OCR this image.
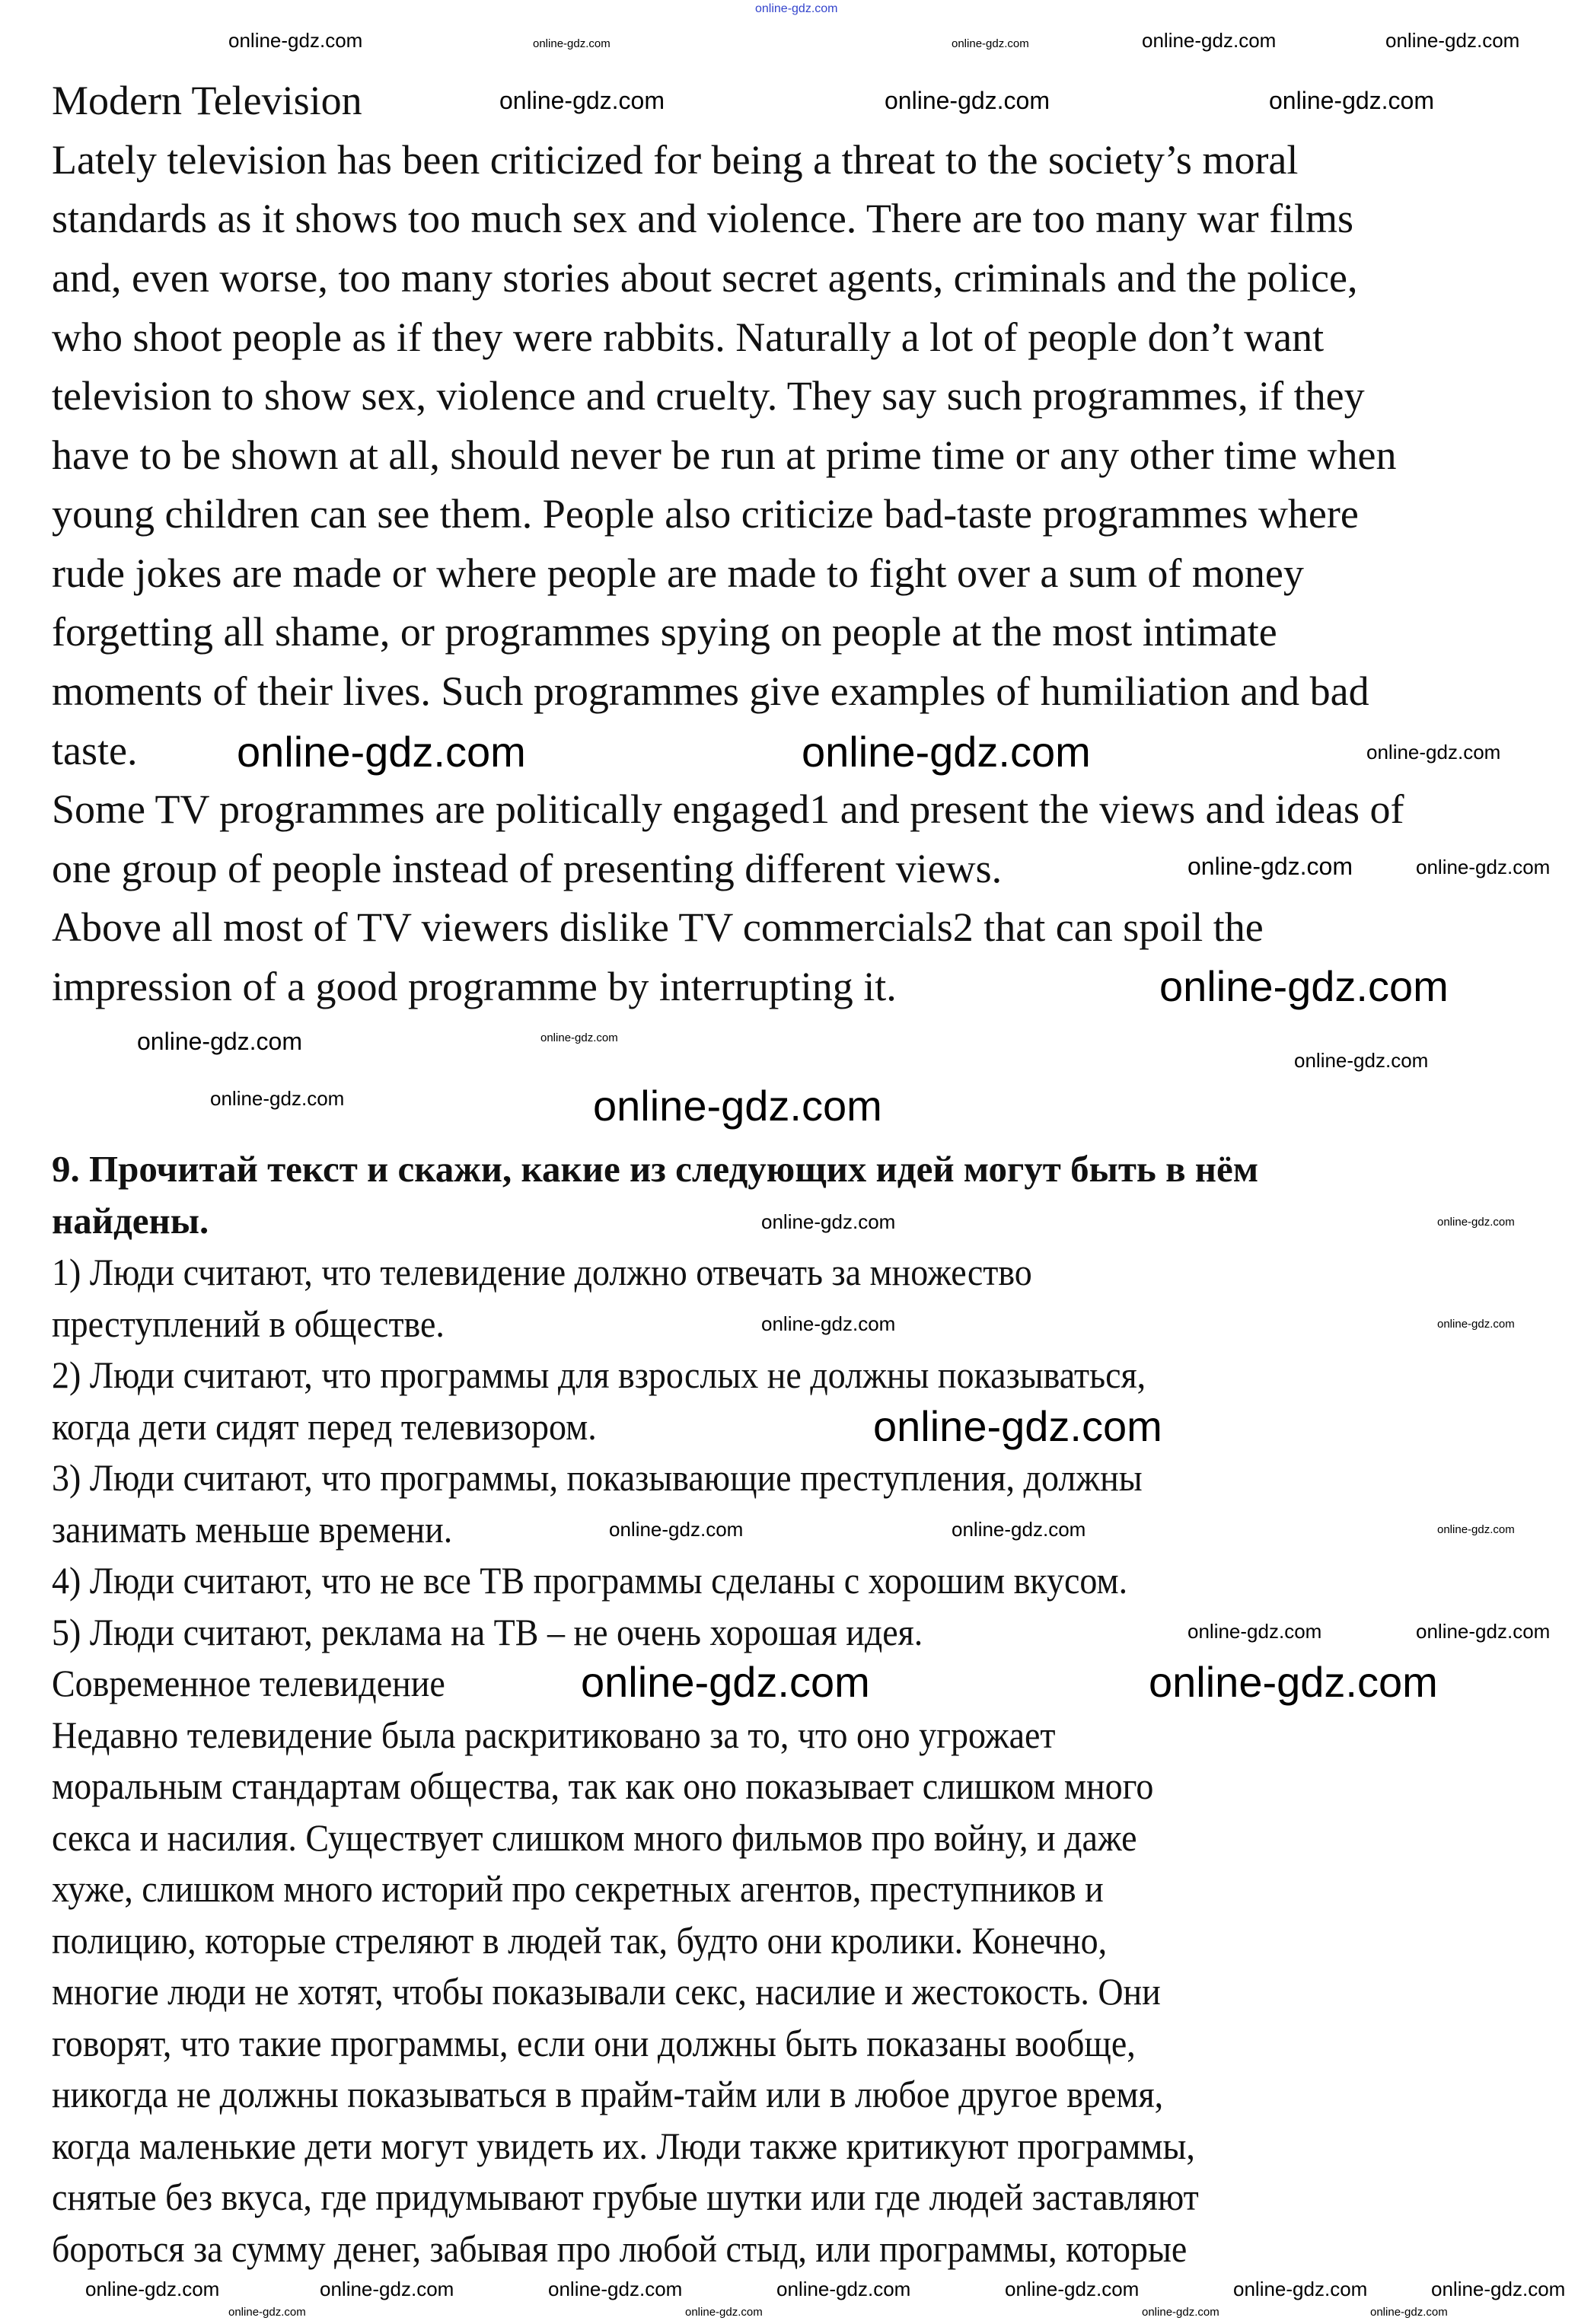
Modern Television
Lately television has been criticized for being a threat to the society’s moral
standards as it shows too much sex and violence. There are too many war films
and, even worse, too many stories about secret agents, criminals and the police,
who shoot people as if they were rabbits. Naturally a lot of people don’t want
television to show sex, violence and cruelty. They say such programmes, if they
have to be shown at all, should never be run at prime time or any other time when
young children can see them. People also criticize bad-taste programmes where
rude jokes are made or where people are made to fight over a sum of money
forgetting all shame, or programmes spying on people at the most intimate
moments of their lives. Such programmes give examples of humiliation and bad
taste.
Some TV programmes are politically engaged1 and present the views and ideas of
one group of people instead of presenting different views.
Above all most of TV viewers dislike TV commercials2 that can spoil the
impression of a good programme by interrupting it.
9. Прочитай текст и скажи, какие из следующих идей могут быть в нём
найдены.
1) Люди считают, что телевидение должно отвечать за множество
преступлений в обществе.
2) Люди считают, что программы для взрослых не должны показываться,
когда дети сидят перед телевизором.
3) Люди считают, что программы, показывающие преступления, должны
занимать меньше времени.
4) Люди считают, что не все ТВ программы сделаны с хорошим вкусом.
5) Люди считают, реклама на ТВ – не очень хорошая идея.
Современное телевидение
Недавно телевидение была раскритиковано за то, что оно угрожает
моральным стандартам общества, так как оно показывает слишком много
секса и насилия. Существует слишком много фильмов про войну, и даже
хуже, слишком много историй про секретных агентов, преступников и
полицию, которые стреляют в людей так, будто они кролики. Конечно,
многие люди не хотят, чтобы показывали секс, насилие и жестокость. Они
говорят, что такие программы, если они должны быть показаны вообще,
никогда не должны показываться в прайм-тайм или в любое другое время,
когда маленькие дети могут увидеть их. Люди также критикуют программы,
снятые без вкуса, где придумывают грубые шутки или где людей заставляют
бороться за сумму денег, забывая про любой стыд, или программы, которые
online-gdz.com
online-gdz.com	online-gdz.com	online-gdz.com	online-gdz.com	online-gdz.com
online-gdz.com	online-gdz.com	online-gdz.com
online-gdz.com	online-gdz.com	online-gdz.com
online-gdz.com	online-gdz.com
online-gdz.com
online-gdz.com	online-gdz.com
online-gdz.com	online-gdz.com
online-gdz.com
online-gdz.com	online-gdz.com
online-gdz.com	online-gdz.com
online-gdz.com
online-gdz.com	online-gdz.com	online-gdz.com
online-gdz.com	online-gdz.com
online-gdz.com	online-gdz.com
online-gdz.com	online-gdz.com	online-gdz.com	online-gdz.com	online-gdz.com	online-gdz.com	online-gdz.com
online-gdz.com	online-gdz.com	online-gdz.com	online-gdz.com
